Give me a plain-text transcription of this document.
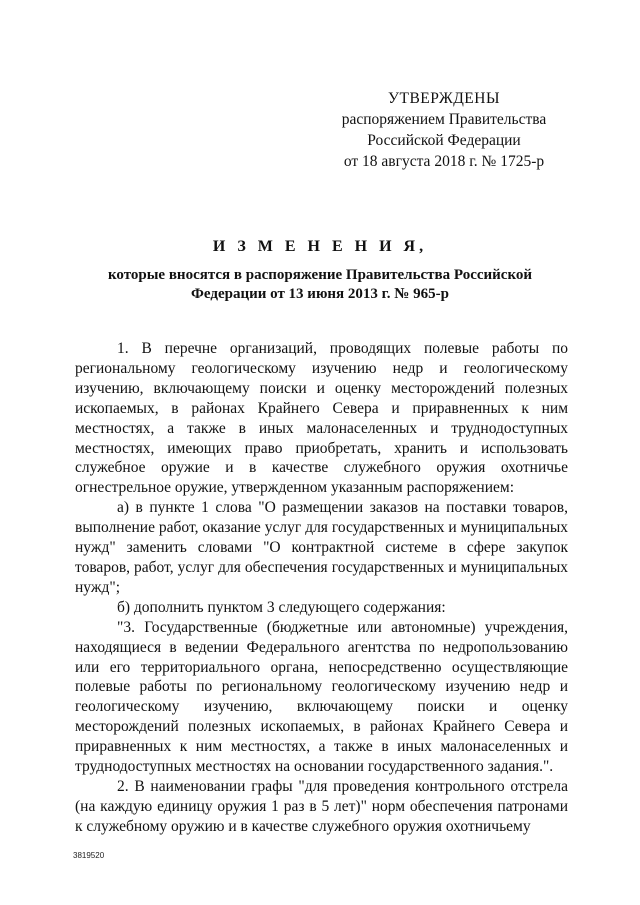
УТВЕРЖДЕНЫ
распоряжением Правительства
Российской Федерации
от 18 августа 2018 г. № 1725-р
И З М Е Н Е Н И Я,
которые вносятся в распоряжение Правительства Российской
Федерации от 13 июня 2013 г. № 965-р

1. В перечне организаций, проводящих полевые работы по региональному геологическому изучению недр и геологическому изучению, включающему поиски и оценку месторождений полезных ископаемых, в районах Крайнего Севера и приравненных к ним местностях, а также в иных малонаселенных и труднодоступных местностях, имеющих право приобретать, хранить и использовать служебное оружие и в качестве служебного оружия охотничье огнестрельное оружие, утвержденном указанным распоряжением:

а) в пункте 1 слова "О размещении заказов на поставки товаров, выполнение работ, оказание услуг для государственных и муниципальных нужд" заменить словами "О контрактной системе в сфере закупок товаров, работ, услуг для обеспечения государственных и муниципальных нужд";

б) дополнить пунктом 3 следующего содержания:

"3. Государственные (бюджетные или автономные) учреждения, находящиеся в ведении Федерального агентства по недропользованию или его территориального органа, непосредственно осуществляющие полевые работы по региональному геологическому изучению недр и геологическому изучению, включающему поиски и оценку месторождений полезных ископаемых, в районах Крайнего Севера и приравненных к ним местностях, а также в иных малонаселенных и труднодоступных местностях на основании государственного задания.".

2. В наименовании графы "для проведения контрольного отстрела (на каждую единицу оружия 1 раз в 5 лет)" норм обеспечения патронами к служебному оружию и в качестве служебного оружия охотничьему

3819520
